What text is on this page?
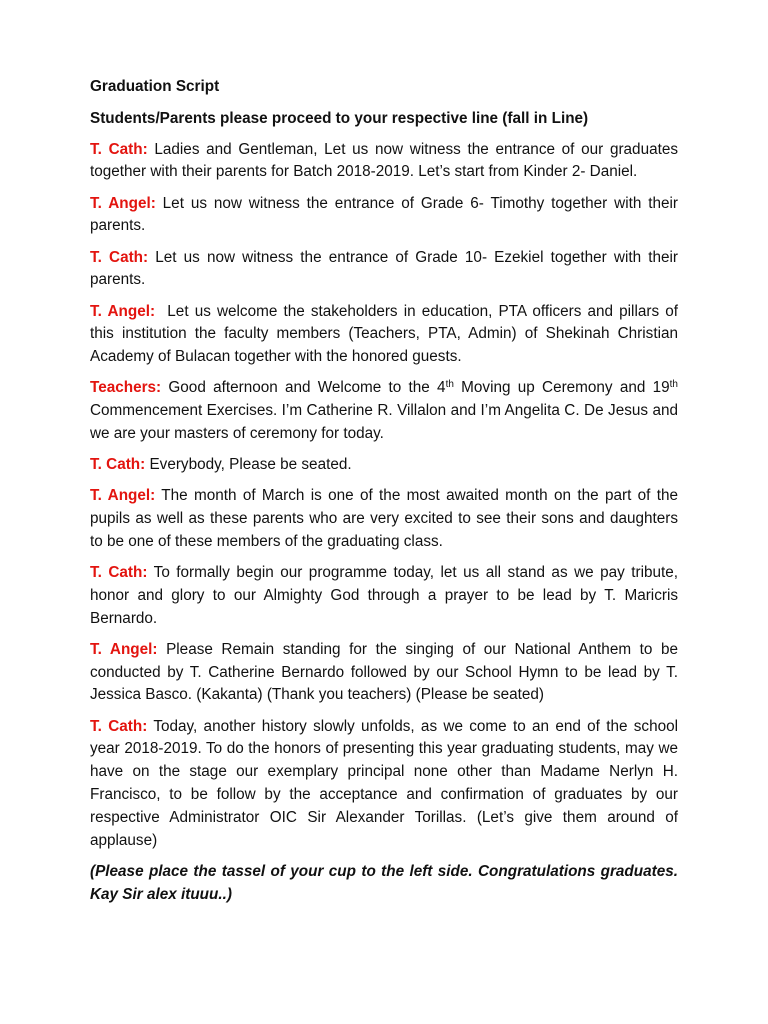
Graduation Script
Students/Parents please proceed to your respective line (fall in Line)

T. Cath: Ladies and Gentleman, Let us now witness the entrance of our graduates together with their parents for Batch 2018-2019. Let’s start from Kinder 2- Daniel.

T. Angel: Let us now witness the entrance of Grade 6- Timothy together with their parents.

T. Cath: Let us now witness the entrance of Grade 10- Ezekiel together with their parents.

T. Angel:  Let us welcome the stakeholders in education, PTA officers and pillars of this institution the faculty members (Teachers, PTA, Admin) of Shekinah Christian Academy of Bulacan together with the honored guests.

Teachers: Good afternoon and Welcome to the 4th Moving up Ceremony and 19th Commencement Exercises. I’m Catherine R. Villalon and I’m Angelita C. De Jesus and we are your masters of ceremony for today.

T. Cath: Everybody, Please be seated.

T. Angel: The month of March is one of the most awaited month on the part of the pupils as well as these parents who are very excited to see their sons and daughters to be one of these members of the graduating class.

T. Cath: To formally begin our programme today, let us all stand as we pay tribute, honor and glory to our Almighty God through a prayer to be lead by T. Maricris Bernardo.

T. Angel: Please Remain standing for the singing of our National Anthem to be conducted by T. Catherine Bernardo followed by our School Hymn to be lead by T. Jessica Basco. (Kakanta) (Thank you teachers) (Please be seated)

T. Cath: Today, another history slowly unfolds, as we come to an end of the school year 2018-2019. To do the honors of presenting this year graduating students, may we have on the stage our exemplary principal none other than Madame Nerlyn H. Francisco, to be follow by the acceptance and confirmation of graduates by our respective Administrator OIC Sir Alexander Torillas. (Let’s give them around of applause)

(Please place the tassel of your cup to the left side. Congratulations graduates. Kay Sir alex ituuu..)
